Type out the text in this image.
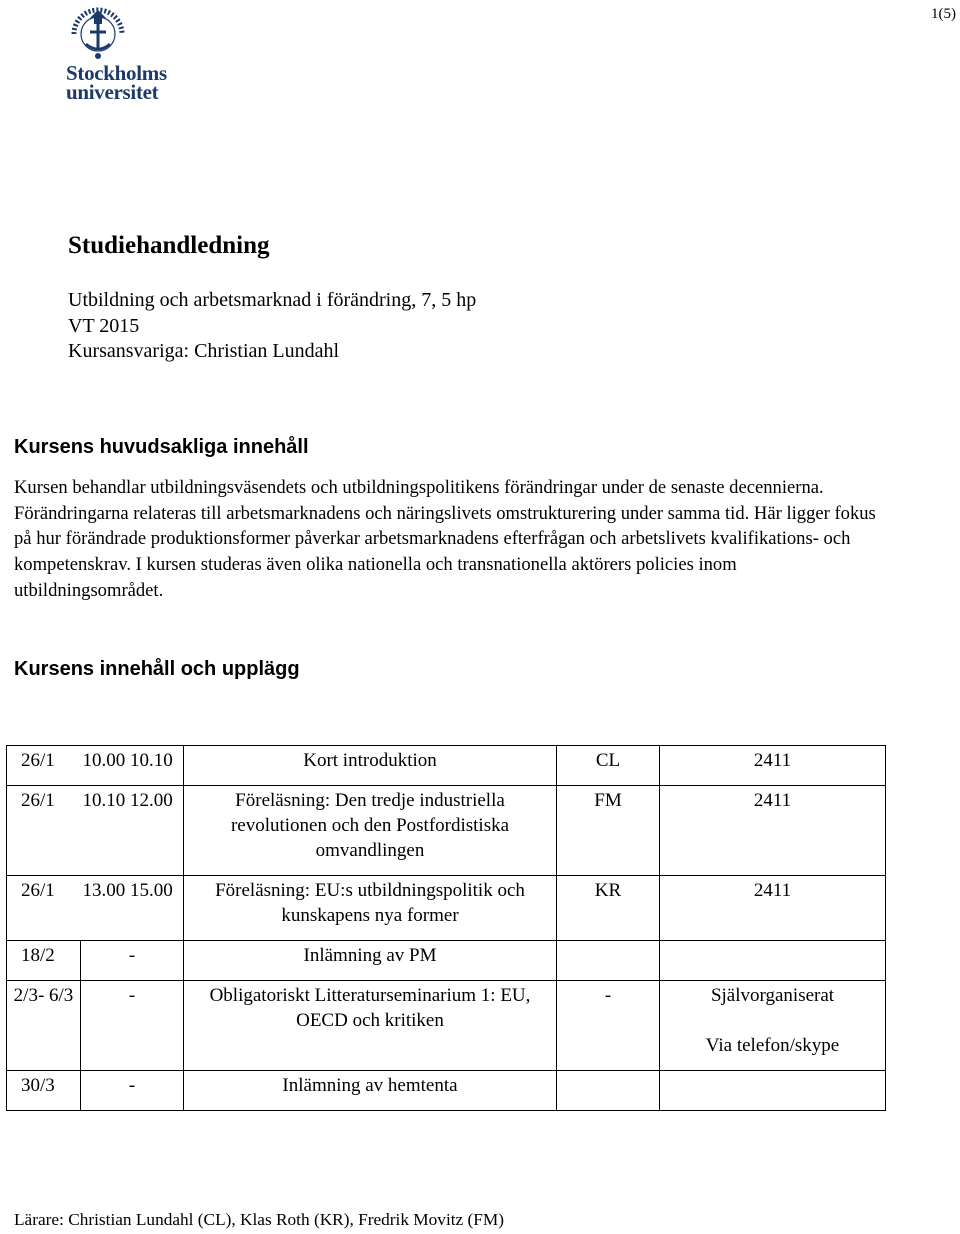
1(5)
Stockholms
universitet
Studiehandledning
Utbildning och arbetsmarknad i förändring, 7, 5 hp
VT 2015
Kursansvariga: Christian Lundahl
Kursens huvudsakliga innehåll

Kursen behandlar utbildningsväsendets och utbildningspolitikens förändringar under de senaste decennierna. Förändringarna relateras till arbetsmarknadens och näringslivets omstrukturering under samma tid. Här ligger fokus på hur förändrade produktionsformer påverkar arbetsmarknadens efterfrågan och arbetslivets kvalifikations- och kompetenskrav. I kursen studeras även olika nationella och transnationella aktörers policies inom utbildningsområdet.

Kursens innehåll och upplägg
26/1	10.00 10.10	Kort introduktion	CL	2411
26/1	10.10 12.00	Föreläsning: Den tredje industriella revolutionen och den Postfordistiska omvandlingen	FM	2411
26/1	13.00 15.00	Föreläsning: EU:s utbildningspolitik och kunskapens nya former	KR	2411
18/2	-	Inlämning av PM		
2/3- 6/3	-	Obligatoriskt Litteraturseminarium 1: EU, OECD och kritiken	-	Självorganiserat
Via telefon/skype

30/3	-	Inlämning av hemtenta		
Lärare: Christian Lundahl (CL), Klas Roth (KR), Fredrik Movitz (FM)
